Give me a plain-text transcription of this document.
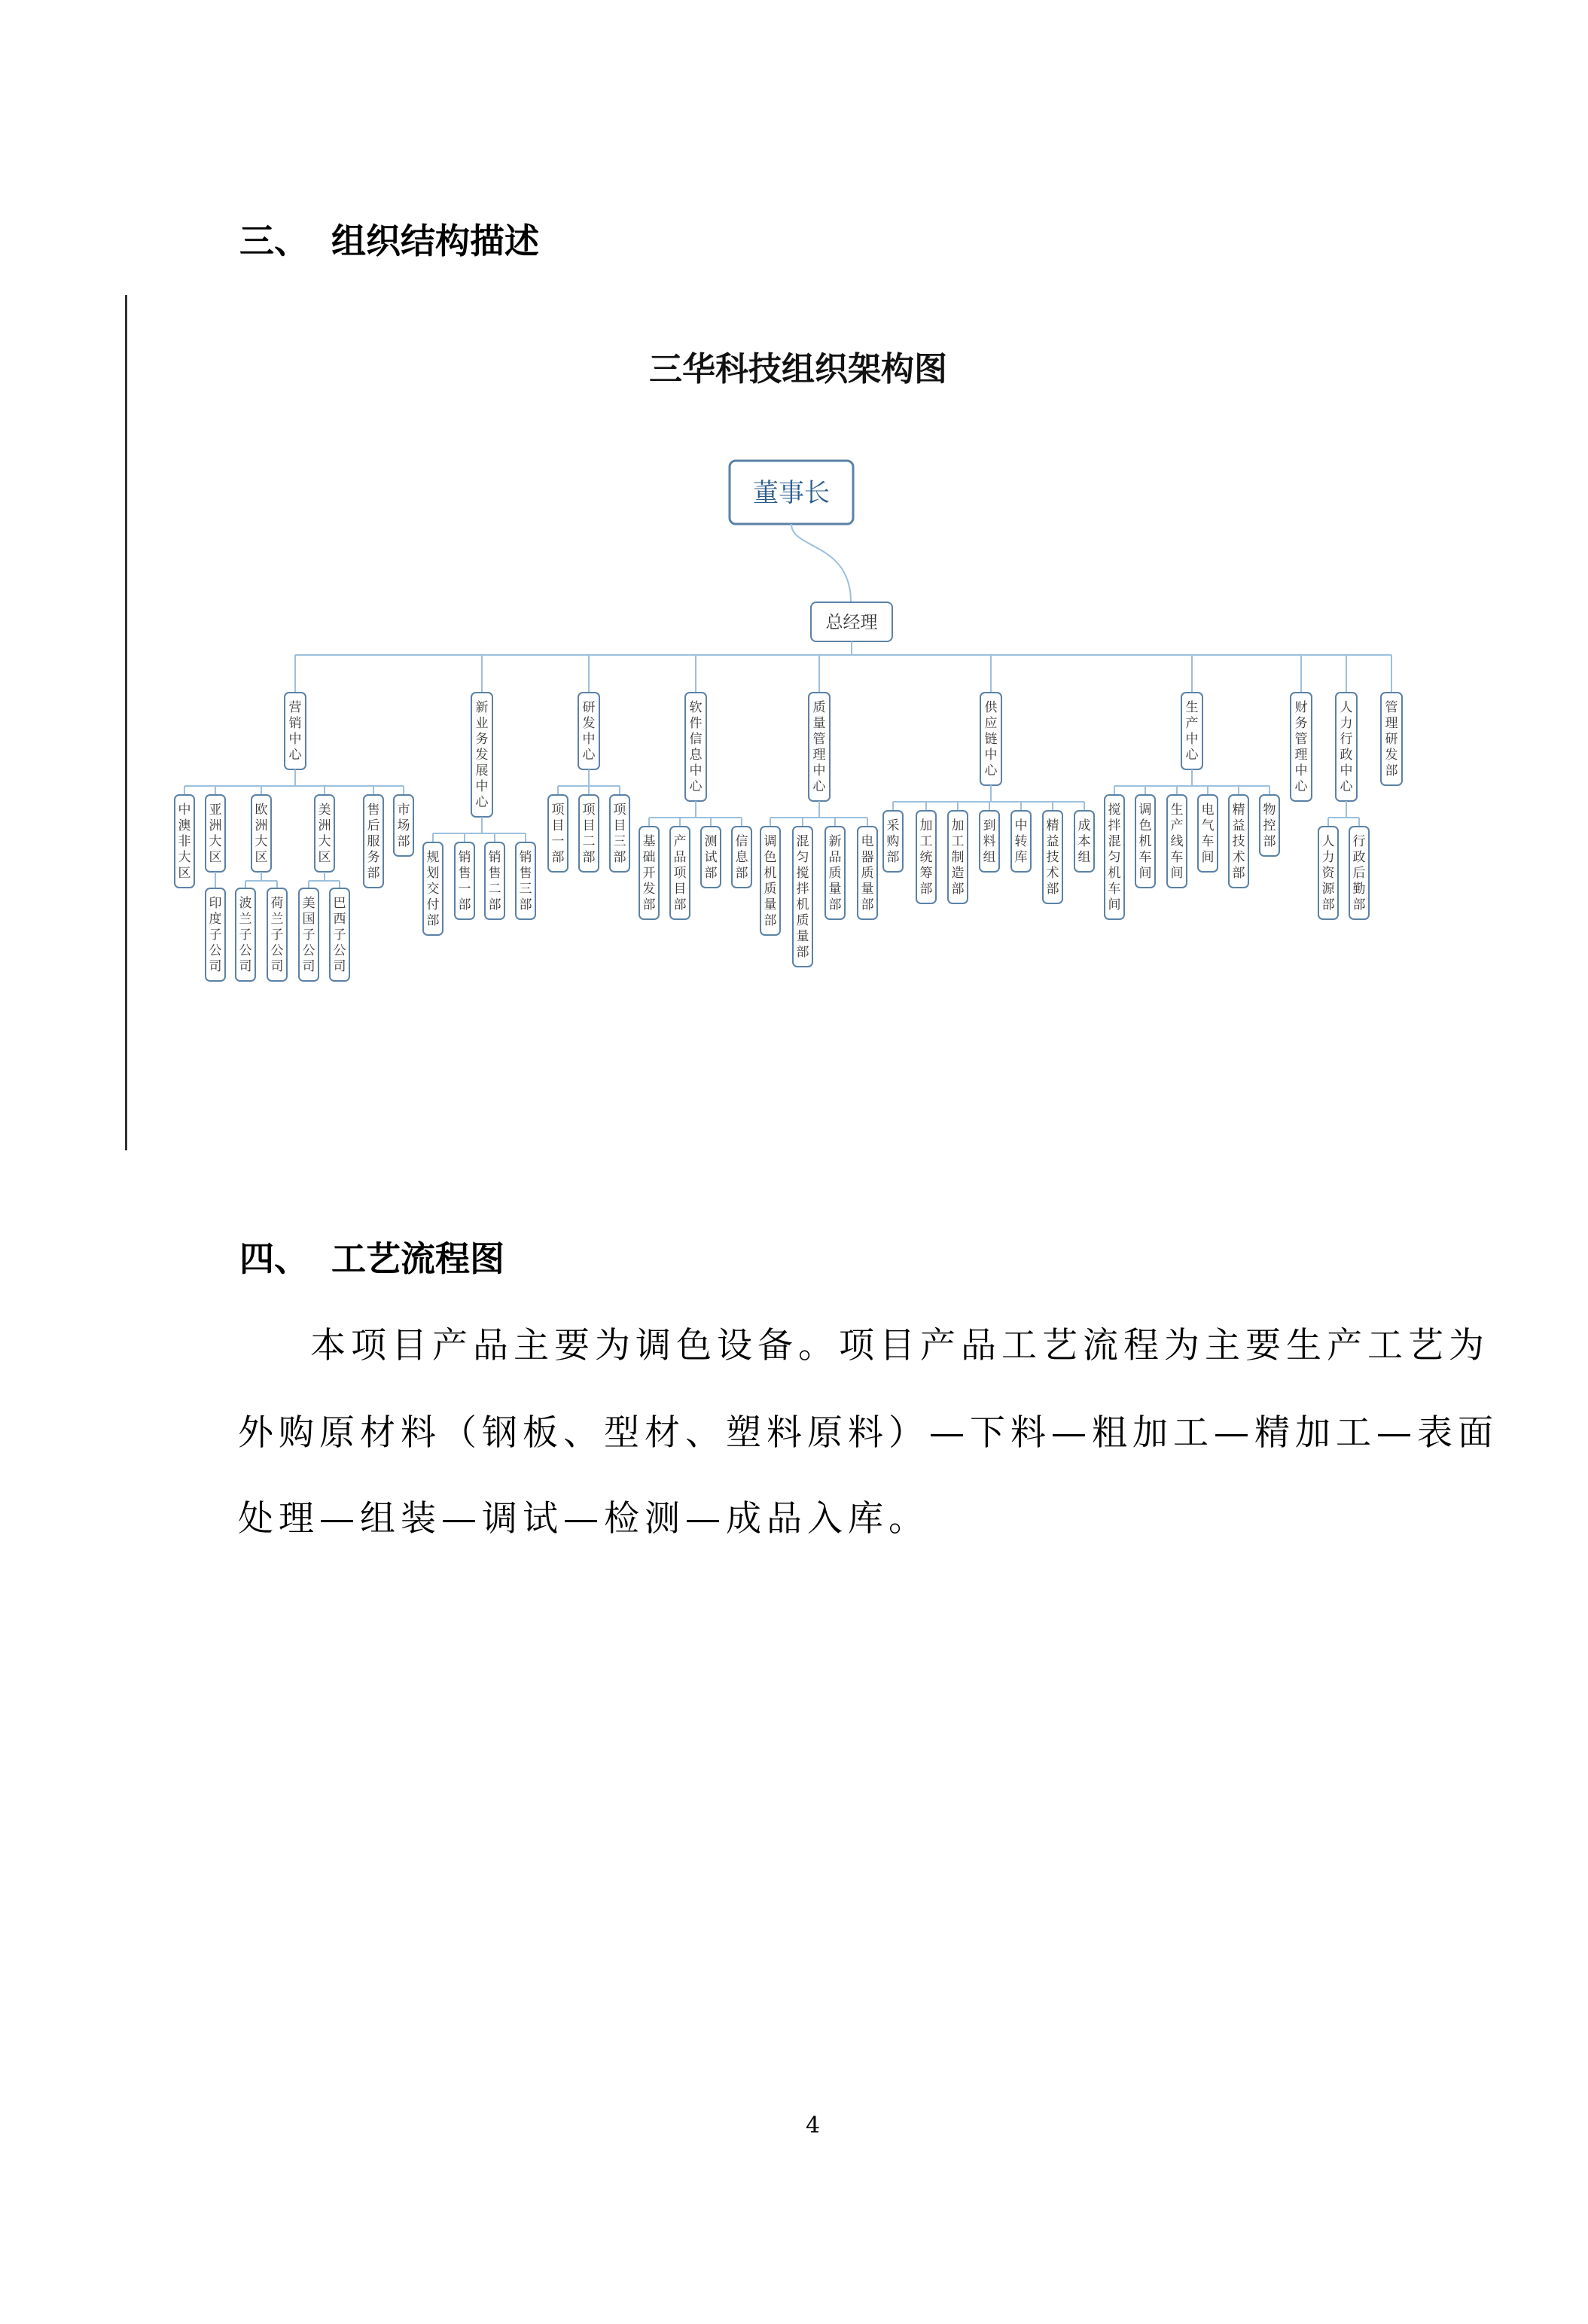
三、 组织结构描述
三华科技组织架构图
董事长
总经理
营
销
中
心
中
澳
非
大
区
亚
洲
大
区
印
度
子
公
司
欧
洲
大
区
波
兰
子
公
司
荷
兰
子
公
司
美
洲
大
区
美
国
子
公
司
巴
西
子
公
司
售
后
服
务
部
市
场
部
新
业
务
发
展
中
心
规
划
交
付
部
销
售
一
部
销
售
二
部
销
售
三
部
研
发
中
心
项
目
一
部
项
目
二
部
项
目
三
部
软
件
信
息
中
心
基
础
开
发
部
产
品
项
目
部
测
试
部
信
息
部
质
量
管
理
中
心
调
色
机
质
量
部
混
匀
搅
拌
机
质
量
部
新
品
质
量
部
电
器
质
量
部
供
应
链
中
心
采
购
部
加
工
统
筹
部
加
工
制
造
部
到
料
组
中
转
库
精
益
技
术
部
成
本
组
生
产
中
心
搅
拌
混
匀
机
车
间
调
色
机
车
间
生
产
线
车
间
电
气
车
间
精
益
技
术
部
物
控
部
财
务
管
理
中
心
人
力
行
政
中
心
人
力
资
源
部
行
政
后
勤
部
管
理
研
发
部
四、 工艺流程图
本项目产品主要为调色设备。项目产品工艺流程为主要生产工艺为
外购原材料（钢板、型材、塑料原料）—下料—粗加工—精加工—表面
处理—组装—调试—检测—成品入库。
4
